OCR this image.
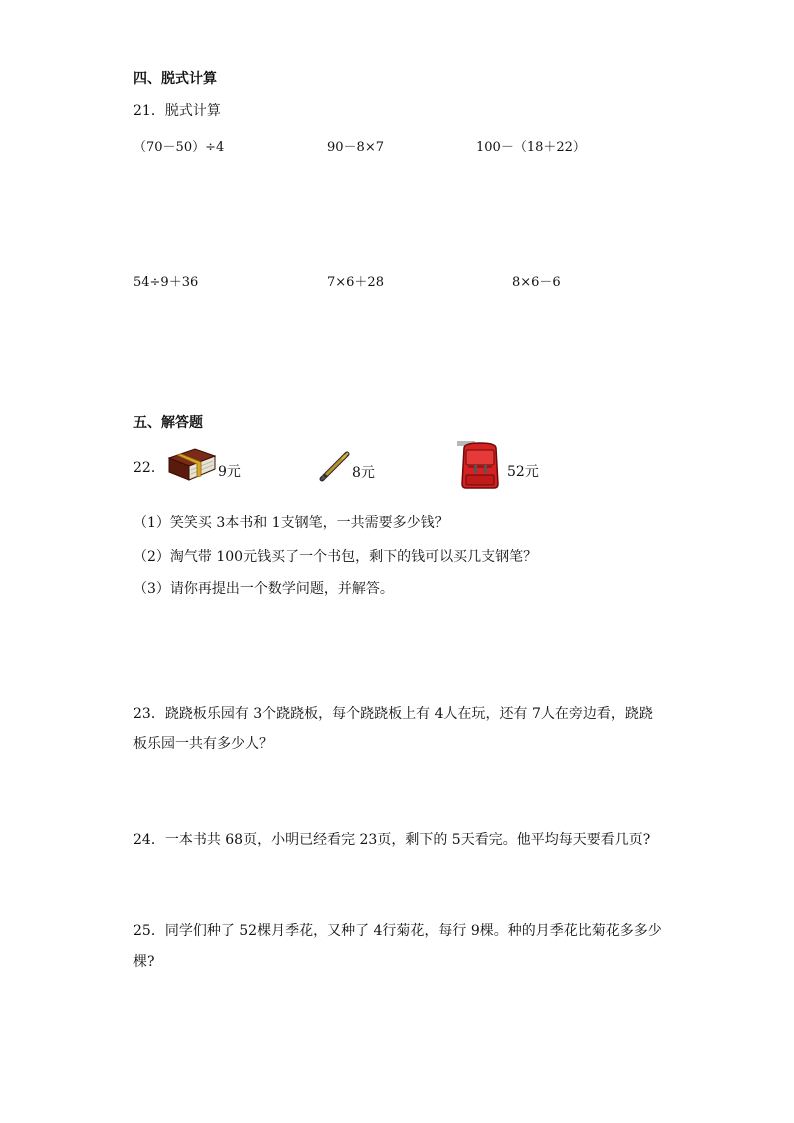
四、脱式计算
21．脱式计算
（70－50）÷4	90－8×7	100－（18＋22）
54÷9＋36	7×6＋28	8×6－6
五、解答题
22．	9元	8元	52元
（1）笑笑买 3本书和 1支钢笔，一共需要多少钱？
（2）淘气带 100元钱买了一个书包，剩下的钱可以买几支钢笔？
（3）请你再提出一个数学问题，并解答。
23．跷跷板乐园有 3个跷跷板，每个跷跷板上有 4人在玩，还有 7人在旁边看，跷跷
板乐园一共有多少人？
24．一本书共 68页，小明已经看完 23页，剩下的 5天看完。他平均每天要看几页?
25．同学们种了 52棵月季花，又种了 4行菊花，每行 9棵。种的月季花比菊花多多少
棵?
